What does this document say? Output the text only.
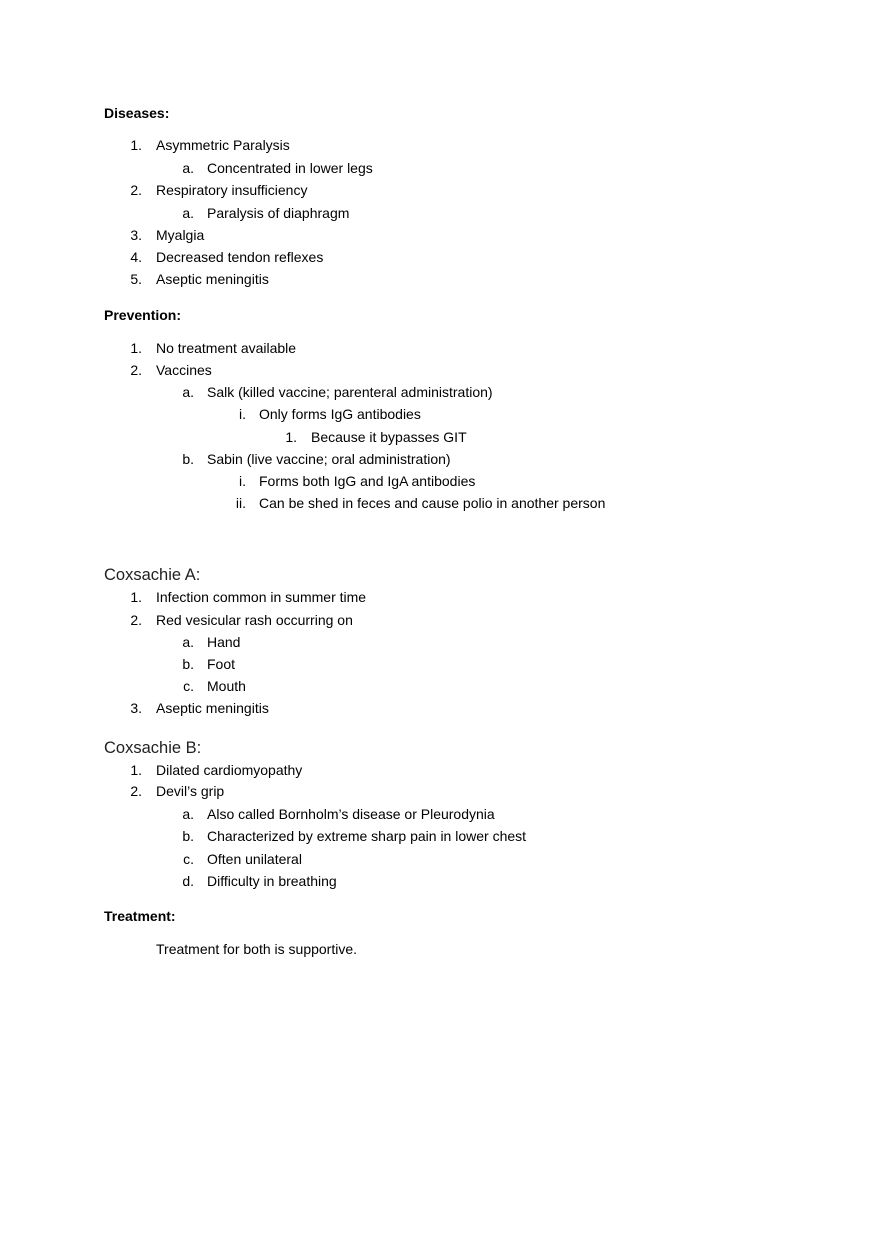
Diseases:
1. Asymmetric Paralysis
a. Concentrated in lower legs
2. Respiratory insufficiency
a. Paralysis of diaphragm
3. Myalgia
4. Decreased tendon reflexes
5. Aseptic meningitis
Prevention:
1. No treatment available
2. Vaccines
a. Salk (killed vaccine; parenteral administration)
i. Only forms IgG antibodies
1. Because it bypasses GIT
b. Sabin (live vaccine; oral administration)
i. Forms both IgG and IgA antibodies
ii. Can be shed in feces and cause polio in another person
Coxsachie A:
1. Infection common in summer time
2. Red vesicular rash occurring on
a. Hand
b. Foot
c. Mouth
3. Aseptic meningitis
Coxsachie B:
1. Dilated cardiomyopathy
2. Devil’s grip
a. Also called Bornholm’s disease or Pleurodynia
b. Characterized by extreme sharp pain in lower chest
c. Often unilateral
d. Difficulty in breathing
Treatment:
Treatment for both is supportive.
